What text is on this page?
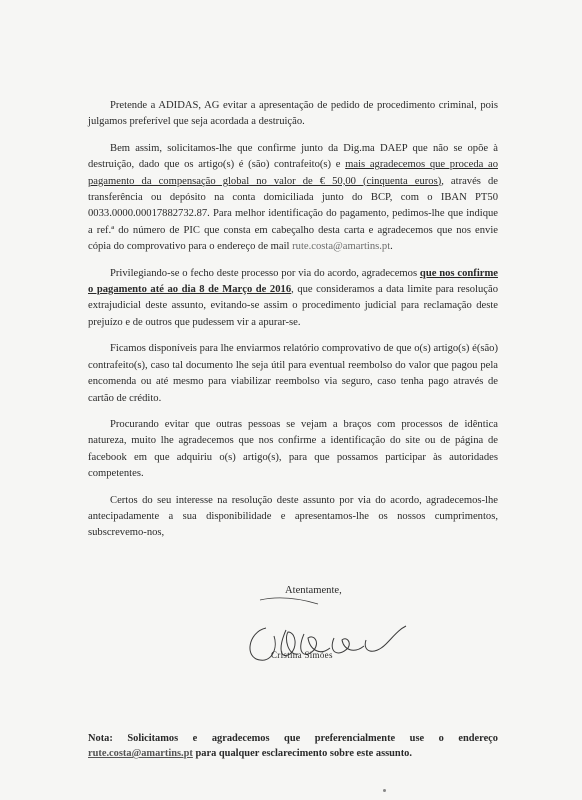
Pretende a ADIDAS, AG evitar a apresentação de pedido de procedimento criminal, pois julgamos preferível que seja acordada a destruição.

Bem assim, solicitamos-lhe que confirme junto da Dig.ma DAEP que não se opõe à destruição, dado que os artigo(s) é (são) contrafeito(s) e mais agradecemos que proceda ao pagamento da compensação global no valor de € 50,00 (cinquenta euros), através de transferência ou depósito na conta domiciliada junto do BCP, com o IBAN PT50 0033.0000.00017882732.87. Para melhor identificação do pagamento, pedimos-lhe que indique a ref.ª do número de PIC que consta em cabeçalho desta carta e agradecemos que nos envie cópia do comprovativo para o endereço de mail rute.costa@amartins.pt.

Privilegiando-se o fecho deste processo por via do acordo, agradecemos que nos confirme o pagamento até ao dia 8 de Março de 2016, que consideramos a data limite para resolução extrajudicial deste assunto, evitando-se assim o procedimento judicial para reclamação deste prejuízo e de outros que pudessem vir a apurar-se.

Ficamos disponíveis para lhe enviarmos relatório comprovativo de que o(s) artigo(s) é(são) contrafeito(s), caso tal documento lhe seja útil para eventual reembolso do valor que pagou pela encomenda ou até mesmo para viabilizar reembolso via seguro, caso tenha pago através de cartão de crédito.

Procurando evitar que outras pessoas se vejam a braços com processos de idêntica natureza, muito lhe agradecemos que nos confirme a identificação do site ou de página de facebook em que adquiriu o(s) artigo(s), para que possamos participar às autoridades competentes.

Certos do seu interesse na resolução deste assunto por via do acordo, agradecemos-lhe antecipadamente a sua disponibilidade e apresentamos-lhe os nossos cumprimentos, subscrevemo-nos,

Atentamente,
Cristina Simões
Nota: Solicitamos e agradecemos que preferencialmente use o endereço rute.costa@amartins.pt para qualquer esclarecimento sobre este assunto.
